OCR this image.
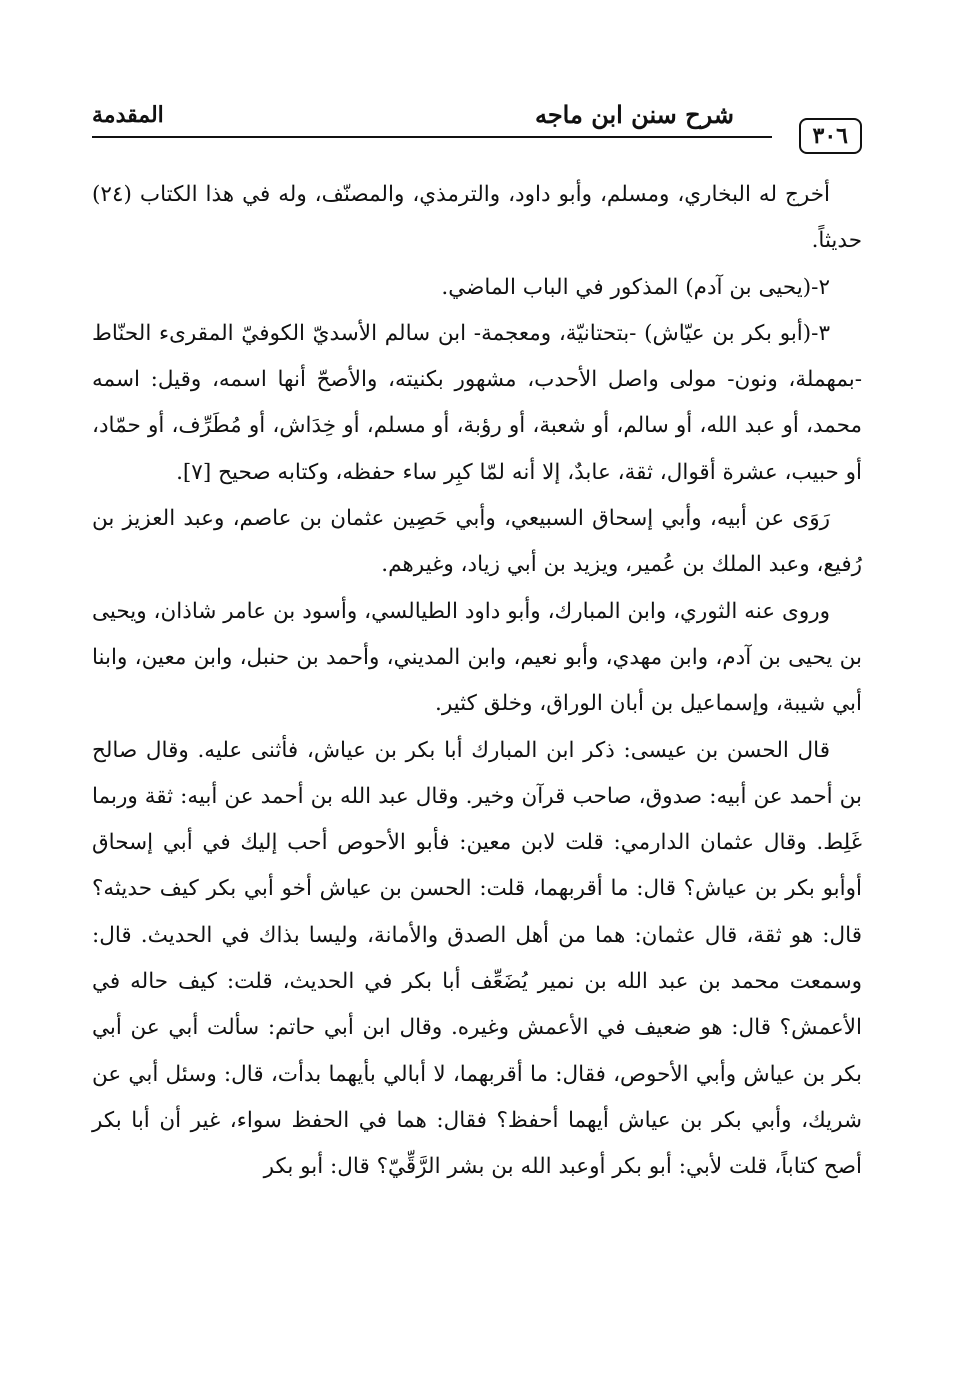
٣٠٦
شرح سنن ابن ماجه
المقدمة

أخرج له البخاري، ومسلم، وأبو داود، والترمذي، والمصنّف، وله في هذا الكتاب (٢٤) حديثاً.

٢-(يحيى بن آدم) المذكور في الباب الماضي.

٣-(أبو بكر بن عيّاش) -بتحتانيّة، ومعجمة- ابن سالم الأسديّ الكوفيّ المقرىء الحنّاط -بمهملة، ونون- مولى واصل الأحدب، مشهور بكنيته، والأصحّ أنها اسمه، وقيل: اسمه محمد، أو عبد الله، أو سالم، أو شعبة، أو رؤبة، أو مسلم، أو خِدَاش، أو مُطَرِّف، أو حمّاد، أو حبيب، عشرة أقوال، ثقة، عابدٌ، إلا أنه لمّا كبِر ساء حفظه، وكتابه صحيح [٧].

رَوَى عن أبيه، وأبي إسحاق السبيعي، وأبي حَصِين عثمان بن عاصم، وعبد العزيز بن رُفيع، وعبد الملك بن عُمير، ويزيد بن أبي زياد، وغيرهم.

وروى عنه الثوري، وابن المبارك، وأبو داود الطيالسي، وأسود بن عامر شاذان، ويحيى بن يحيى بن آدم، وابن مهدي، وأبو نعيم، وابن المديني، وأحمد بن حنبل، وابن معين، وابنا أبي شيبة، وإسماعيل بن أبان الوراق، وخلق كثير.

قال الحسن بن عيسى: ذكر ابن المبارك أبا بكر بن عياش، فأثنى عليه. وقال صالح بن أحمد عن أبيه: صدوق، صاحب قرآن وخير. وقال عبد الله بن أحمد عن أبيه: ثقة وربما غَلِط. وقال عثمان الدارمي: قلت لابن معين: فأبو الأحوص أحب إليك في أبي إسحاق أوأبو بكر بن عياش؟ قال: ما أقربهما، قلت: الحسن بن عياش أخو أبي بكر كيف حديثه؟ قال: هو ثقة، قال عثمان: هما من أهل الصدق والأمانة، وليسا بذاك في الحديث. قال: وسمعت محمد بن عبد الله بن نمير يُضَعِّف أبا بكر في الحديث، قلت: كيف حاله في الأعمش؟ قال: هو ضعيف في الأعمش وغيره. وقال ابن أبي حاتم: سألت أبي عن أبي بكر بن عياش وأبي الأحوص، فقال: ما أقربهما، لا أبالي بأيهما بدأت، قال: وسئل أبي عن شريك، وأبي بكر بن عياش أيهما أحفظ؟ فقال: هما في الحفظ سواء، غير أن أبا بكر أصح كتاباً، قلت لأبي: أبو بكر أوعبد الله بن بشر الرَّقِّيّ؟ قال: أبو بكر
